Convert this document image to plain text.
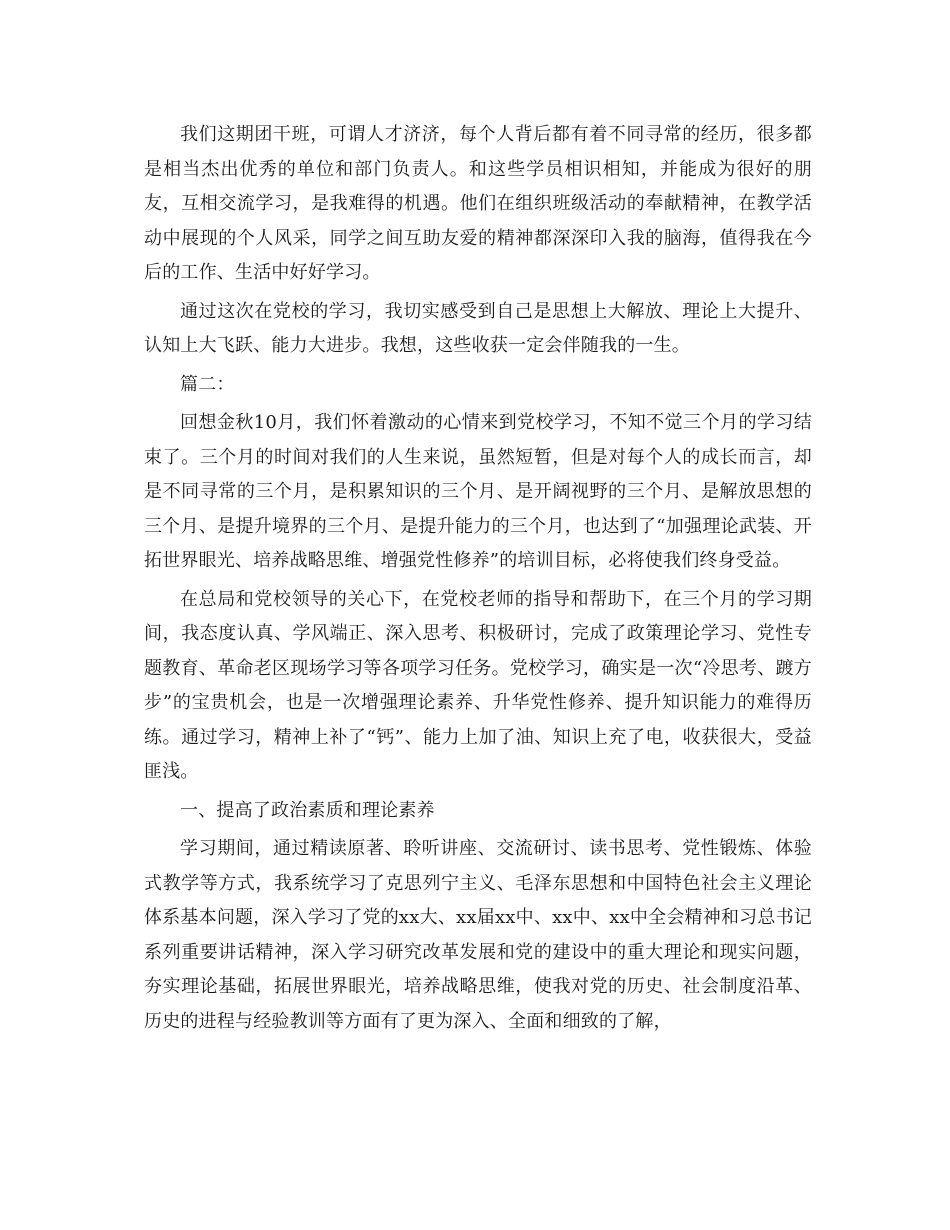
我们这期团干班，可谓人才济济，每个人背后都有着不同寻常的经历，很多都是相当杰出优秀的单位和部门负责人。和这些学员相识相知，并能成为很好的朋友，互相交流学习，是我难得的机遇。他们在组织班级活动的奉献精神，在教学活动中展现的个人风采，同学之间互助友爱的精神都深深印入我的脑海，值得我在今后的工作、生活中好好学习。

通过这次在党校的学习，我切实感受到自己是思想上大解放、理论上大提升、认知上大飞跃、能力大进步。我想，这些收获一定会伴随我的一生。

篇二：

回想金秋10月，我们怀着激动的心情来到党校学习，不知不觉三个月的学习结束了。三个月的时间对我们的人生来说，虽然短暂，但是对每个人的成长而言，却是不同寻常的三个月，是积累知识的三个月、是开阔视野的三个月、是解放思想的三个月、是提升境界的三个月、是提升能力的三个月，也达到了“加强理论武装、开拓世界眼光、培养战略思维、增强党性修养”的培训目标，必将使我们终身受益。

在总局和党校领导的关心下，在党校老师的指导和帮助下，在三个月的学习期间，我态度认真、学风端正、深入思考、积极研讨，完成了政策理论学习、党性专题教育、革命老区现场学习等各项学习任务。党校学习，确实是一次“冷思考、踱方步”的宝贵机会，也是一次增强理论素养、升华党性修养、提升知识能力的难得历练。通过学习，精神上补了“钙”、能力上加了油、知识上充了电，收获很大，受益匪浅。

一、提高了政治素质和理论素养

学习期间，通过精读原著、聆听讲座、交流研讨、读书思考、党性锻炼、体验式教学等方式，我系统学习了克思列宁主义、毛泽东思想和中国特色社会主义理论体系基本问题，深入学习了党的xx大、xx届xx中、xx中、xx中全会精神和习总书记系列重要讲话精神，深入学习研究改革发展和党的建设中的重大理论和现实问题，夯实理论基础，拓展世界眼光，培养战略思维，使我对党的历史、社会制度沿革、历史的进程与经验教训等方面有了更为深入、全面和细致的了解，
